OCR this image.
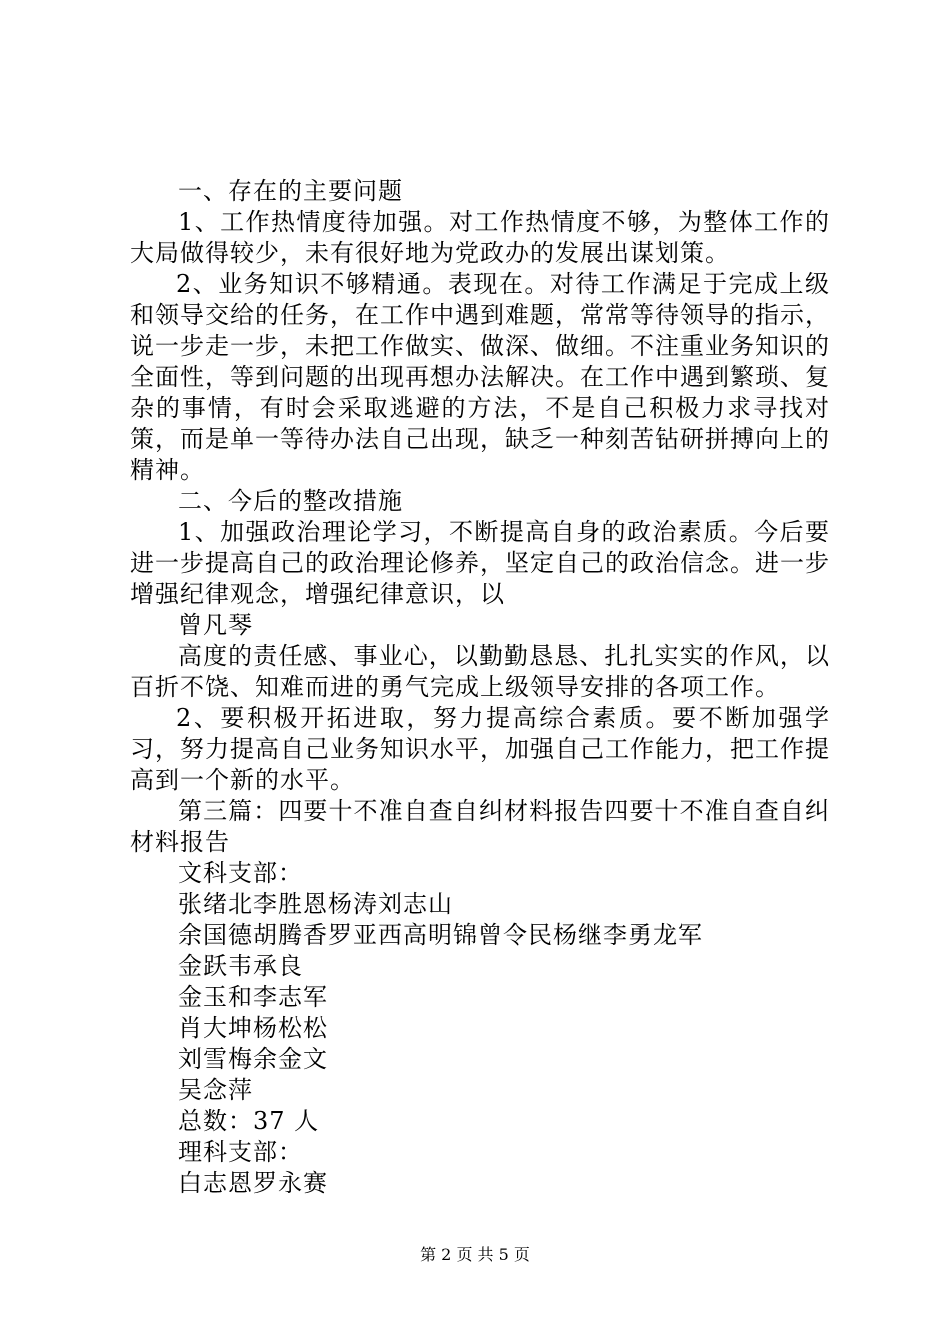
一、存在的主要问题

1、工作热情度待加强。对工作热情度不够，为整体工作的大局做得较少，未有很好地为党政办的发展出谋划策。

2、业务知识不够精通。表现在。对待工作满足于完成上级和领导交给的任务，在工作中遇到难题，常常等待领导的指示，说一步走一步，未把工作做实、做深、做细。不注重业务知识的全面性，等到问题的出现再想办法解决。在工作中遇到繁琐、复杂的事情，有时会采取逃避的方法，不是自己积极力求寻找对策，而是单一等待办法自己出现，缺乏一种刻苦钻研拼搏向上的精神。

二、今后的整改措施

1、加强政治理论学习，不断提高自身的政治素质。今后要进一步提高自己的政治理论修养，坚定自己的政治信念。进一步增强纪律观念，增强纪律意识，以

曾凡琴

高度的责任感、事业心，以勤勤恳恳、扎扎实实的作风，以百折不饶、知难而进的勇气完成上级领导安排的各项工作。

2、要积极开拓进取，努力提高综合素质。要不断加强学习，努力提高自己业务知识水平，加强自己工作能力，把工作提高到一个新的水平。

第三篇：四要十不准自查自纠材料报告四要十不准自查自纠材料报告

文科支部：

张绪北李胜恩杨涛刘志山

余国德胡腾香罗亚西高明锦曾令民杨继李勇龙军

金跃韦承良

金玉和李志军

肖大坤杨松松

刘雪梅余金文

吴念萍

总数：37 人

理科支部：

白志恩罗永赛

第 2 页 共 5 页
